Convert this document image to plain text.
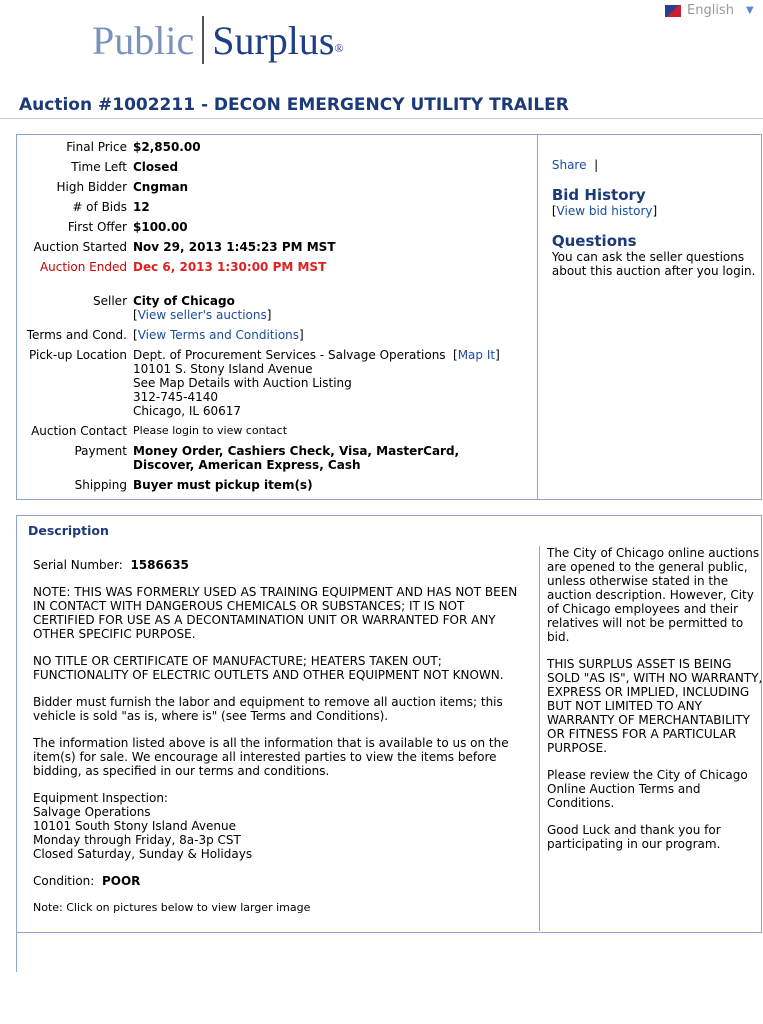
English ▼
Public Surplus$_®$
Auction #1002211 - DECON EMERGENCY UTILITY TRAILER
Final Price $2,850.00
Time Left Closed
High Bidder Cngman
# of Bids 12
First Offer $100.00
Auction Started Nov 29, 2013 1:45:23 PM MST
Auction Ended Dec 6, 2013 1:30:00 PM MST
Seller City of Chicago
[View seller's auctions]
Terms and Cond. [View Terms and Conditions]
Pick-up Location Dept. of Procurement Services - Salvage Operations
10101 S. Stony Island Avenue
See Map Details with Auction Listing
312-745-4140
Chicago, IL 60617
[Map It]
Auction Contact Please login to view contact
Payment Money Order, Cashiers Check, Visa, MasterCard, Discover, American Express, Cash
Shipping Buyer must pickup item(s)
Share  |
Bid History
[View bid history]
Questions
You can ask the seller questions about this auction after you login.
Description

Serial Number: 1586635

NOTE: THIS WAS FORMERLY USED AS TRAINING EQUIPMENT AND HAS NOT BEEN IN CONTACT WITH DANGEROUS CHEMICALS OR SUBSTANCES; IT IS NOT CERTIFIED FOR USE AS A DECONTAMINATION UNIT OR WARRANTED FOR ANY OTHER SPECIFIC PURPOSE.

NO TITLE OR CERTIFICATE OF MANUFACTURE; HEATERS TAKEN OUT; FUNCTIONALITY OF ELECTRIC OUTLETS AND OTHER EQUIPMENT NOT KNOWN.

Bidder must furnish the labor and equipment to remove all auction items; this vehicle is sold "as is, where is" (see Terms and Conditions).

The information listed above is all the information that is available to us on the item(s) for sale. We encourage all interested parties to view the items before bidding, as specified in our terms and conditions.

Equipment Inspection:
Salvage Operations
10101 South Stony Island Avenue
Monday through Friday, 8a-3p CST
Closed Saturday, Sunday & Holidays

Condition: POOR

Note: Click on pictures below to view larger image

The City of Chicago online auctions are opened to the general public, unless otherwise stated in the auction description. However, City of Chicago employees and their relatives will not be permitted to bid.

THIS SURPLUS ASSET IS BEING SOLD "AS IS", WITH NO WARRANTY, EXPRESS OR IMPLIED, INCLUDING BUT NOT LIMITED TO ANY WARRANTY OF MERCHANTABILITY OR FITNESS FOR A PARTICULAR PURPOSE.

Please review the City of Chicago Online Auction Terms and Conditions.

Good Luck and thank you for participating in our program.
